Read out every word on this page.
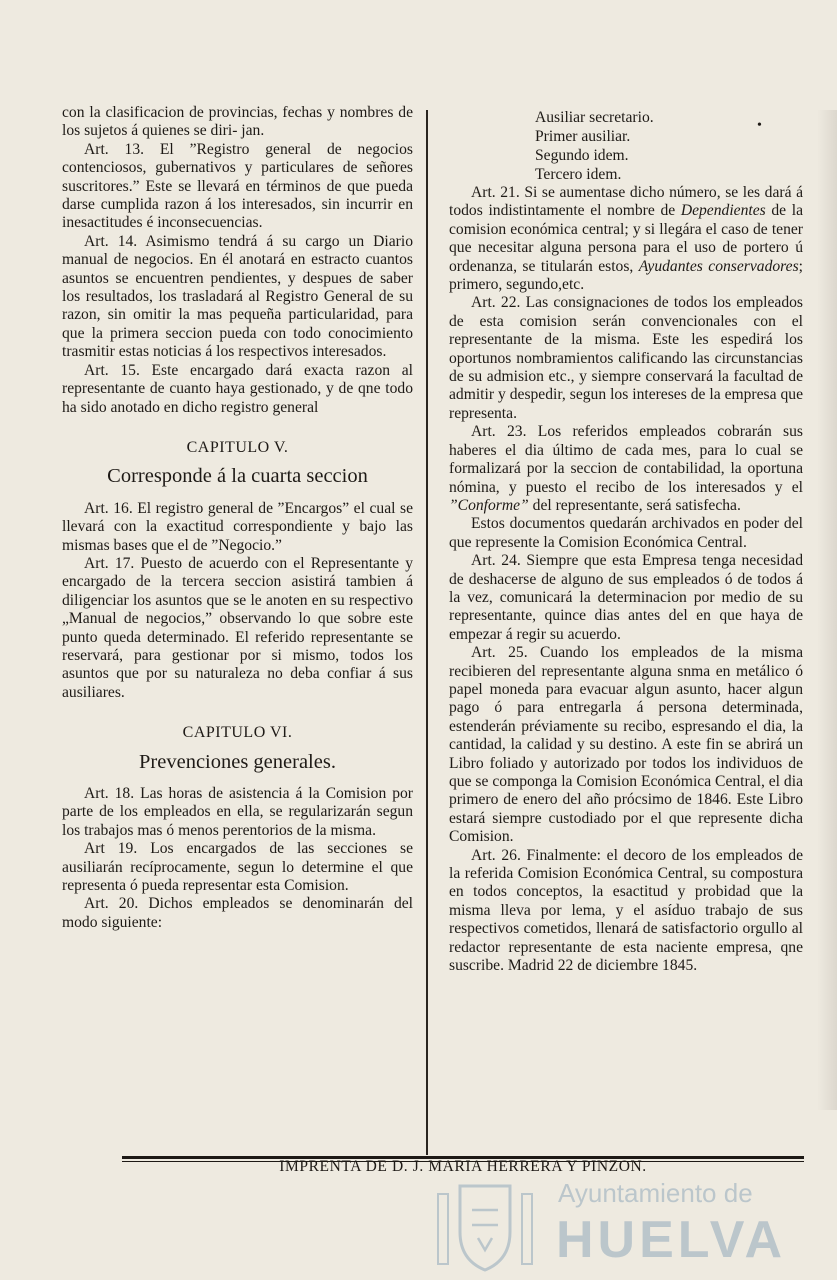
con la clasificacion de provincias, fechas y nombres de los sujetos á quienes se diri- jan.

Art. 13. El ”Registro general de negocios contenciosos, gubernativos y particulares de señores suscritores.” Este se llevará en términos de que pueda darse cumplida razon á los interesados, sin incurrir en inesactitudes é inconsecuencias.

Art. 14. Asimismo tendrá á su cargo un Diario manual de negocios. En él anotará en estracto cuantos asuntos se encuentren pendientes, y despues de saber los resultados, los trasladará al Registro General de su razon, sin omitir la mas pequeña particularidad, para que la primera seccion pueda con todo conocimiento trasmitir estas noticias á los respectivos interesados.

Art. 15. Este encargado dará exacta razon al representante de cuanto haya gestionado, y de qne todo ha sido anotado en dicho registro general

CAPITULO V.
Corresponde á la cuarta seccion

Art. 16. El registro general de ”Encargos” el cual se llevará con la exactitud correspondiente y bajo las mismas bases que el de ”Negocio.”

Art. 17. Puesto de acuerdo con el Representante y encargado de la tercera seccion asistirá tambien á diligenciar los asuntos que se le anoten en su respectivo „Manual de negocios,” observando lo que sobre este punto queda determinado. El referido representante se reservará, para gestionar por si mismo, todos los asuntos que por su naturaleza no deba confiar á sus ausiliares.

CAPITULO VI.
Prevenciones generales.

Art. 18. Las horas de asistencia á la Comision por parte de los empleados en ella, se regularizarán segun los trabajos mas ó menos perentorios de la misma.

Art 19. Los encargados de las secciones se ausiliarán recíprocamente, segun lo determine el que representa ó pueda representar esta Comision.

Art. 20. Dichos empleados se denominarán del modo siguiente:

Ausiliar secretario.
Primer ausiliar.
Segundo idem.
Tercero idem.

Art. 21. Si se aumentase dicho número, se les dará á todos indistintamente el nombre de Dependientes de la comision económica central; y si llegára el caso de tener que necesitar alguna persona para el uso de portero ú ordenanza, se titularán estos, Ayudantes conservadores; primero, segundo,etc.

Art. 22. Las consignaciones de todos los empleados de esta comision serán convencionales con el representante de la misma. Este les espedirá los oportunos nombramientos calificando las circunstancias de su admision etc., y siempre conservará la facultad de admitir y despedir, segun los intereses de la empresa que representa.

Art. 23. Los referidos empleados cobrarán sus haberes el dia último de cada mes, para lo cual se formalizará por la seccion de contabilidad, la oportuna nómina, y puesto el recibo de los interesados y el ”Conforme” del representante, será satisfecha.

Estos documentos quedarán archivados en poder del que represente la Comision Económica Central.

Art. 24. Siempre que esta Empresa tenga necesidad de deshacerse de alguno de sus empleados ó de todos á la vez, comunicará la determinacion por medio de su representante, quince dias antes del en que haya de empezar á regir su acuerdo.

Art. 25. Cuando los empleados de la misma recibieren del representante alguna snma en metálico ó papel moneda para evacuar algun asunto, hacer algun pago ó para entregarla á persona determinada, estenderán préviamente su recibo, espresando el dia, la cantidad, la calidad y su destino. A este fin se abrirá un Libro foliado y autorizado por todos los individuos de que se componga la Comision Económica Central, el dia primero de enero del año prócsimo de 1846. Este Libro estará siempre custodiado por el que represente dicha Comision.

Art. 26. Finalmente: el decoro de los empleados de la referida Comision Económica Central, su compostura en todos conceptos, la esactitud y probidad que la misma lleva por lema, y el asíduo trabajo de sus respectivos cometidos, llenará de satisfactorio orgullo al redactor representante de esta naciente empresa, qne suscribe. Madrid 22 de diciembre 1845.

•
IMPRENTA DE D. J. MARIA HERRERA Y PINZON.
Ayuntamiento de
HUELVA
